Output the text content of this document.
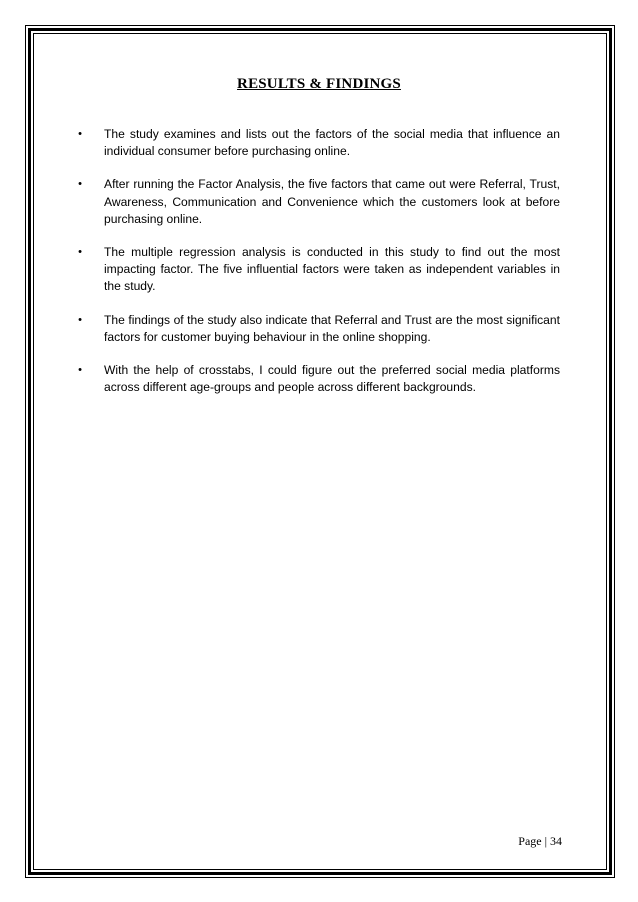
RESULTS & FINDINGS
• The study examines and lists out the factors of the social media that influence an individual consumer before purchasing online.
• After running the Factor Analysis, the five factors that came out were Referral, Trust, Awareness, Communication and Convenience which the customers look at before purchasing online.
• The multiple regression analysis is conducted in this study to find out the most impacting factor. The five influential factors were taken as independent variables in the study.
• The findings of the study also indicate that Referral and Trust are the most significant factors for customer buying behaviour in the online shopping.
• With the help of crosstabs, I could figure out the preferred social media platforms across different age-groups and people across different backgrounds.
Page | 34
